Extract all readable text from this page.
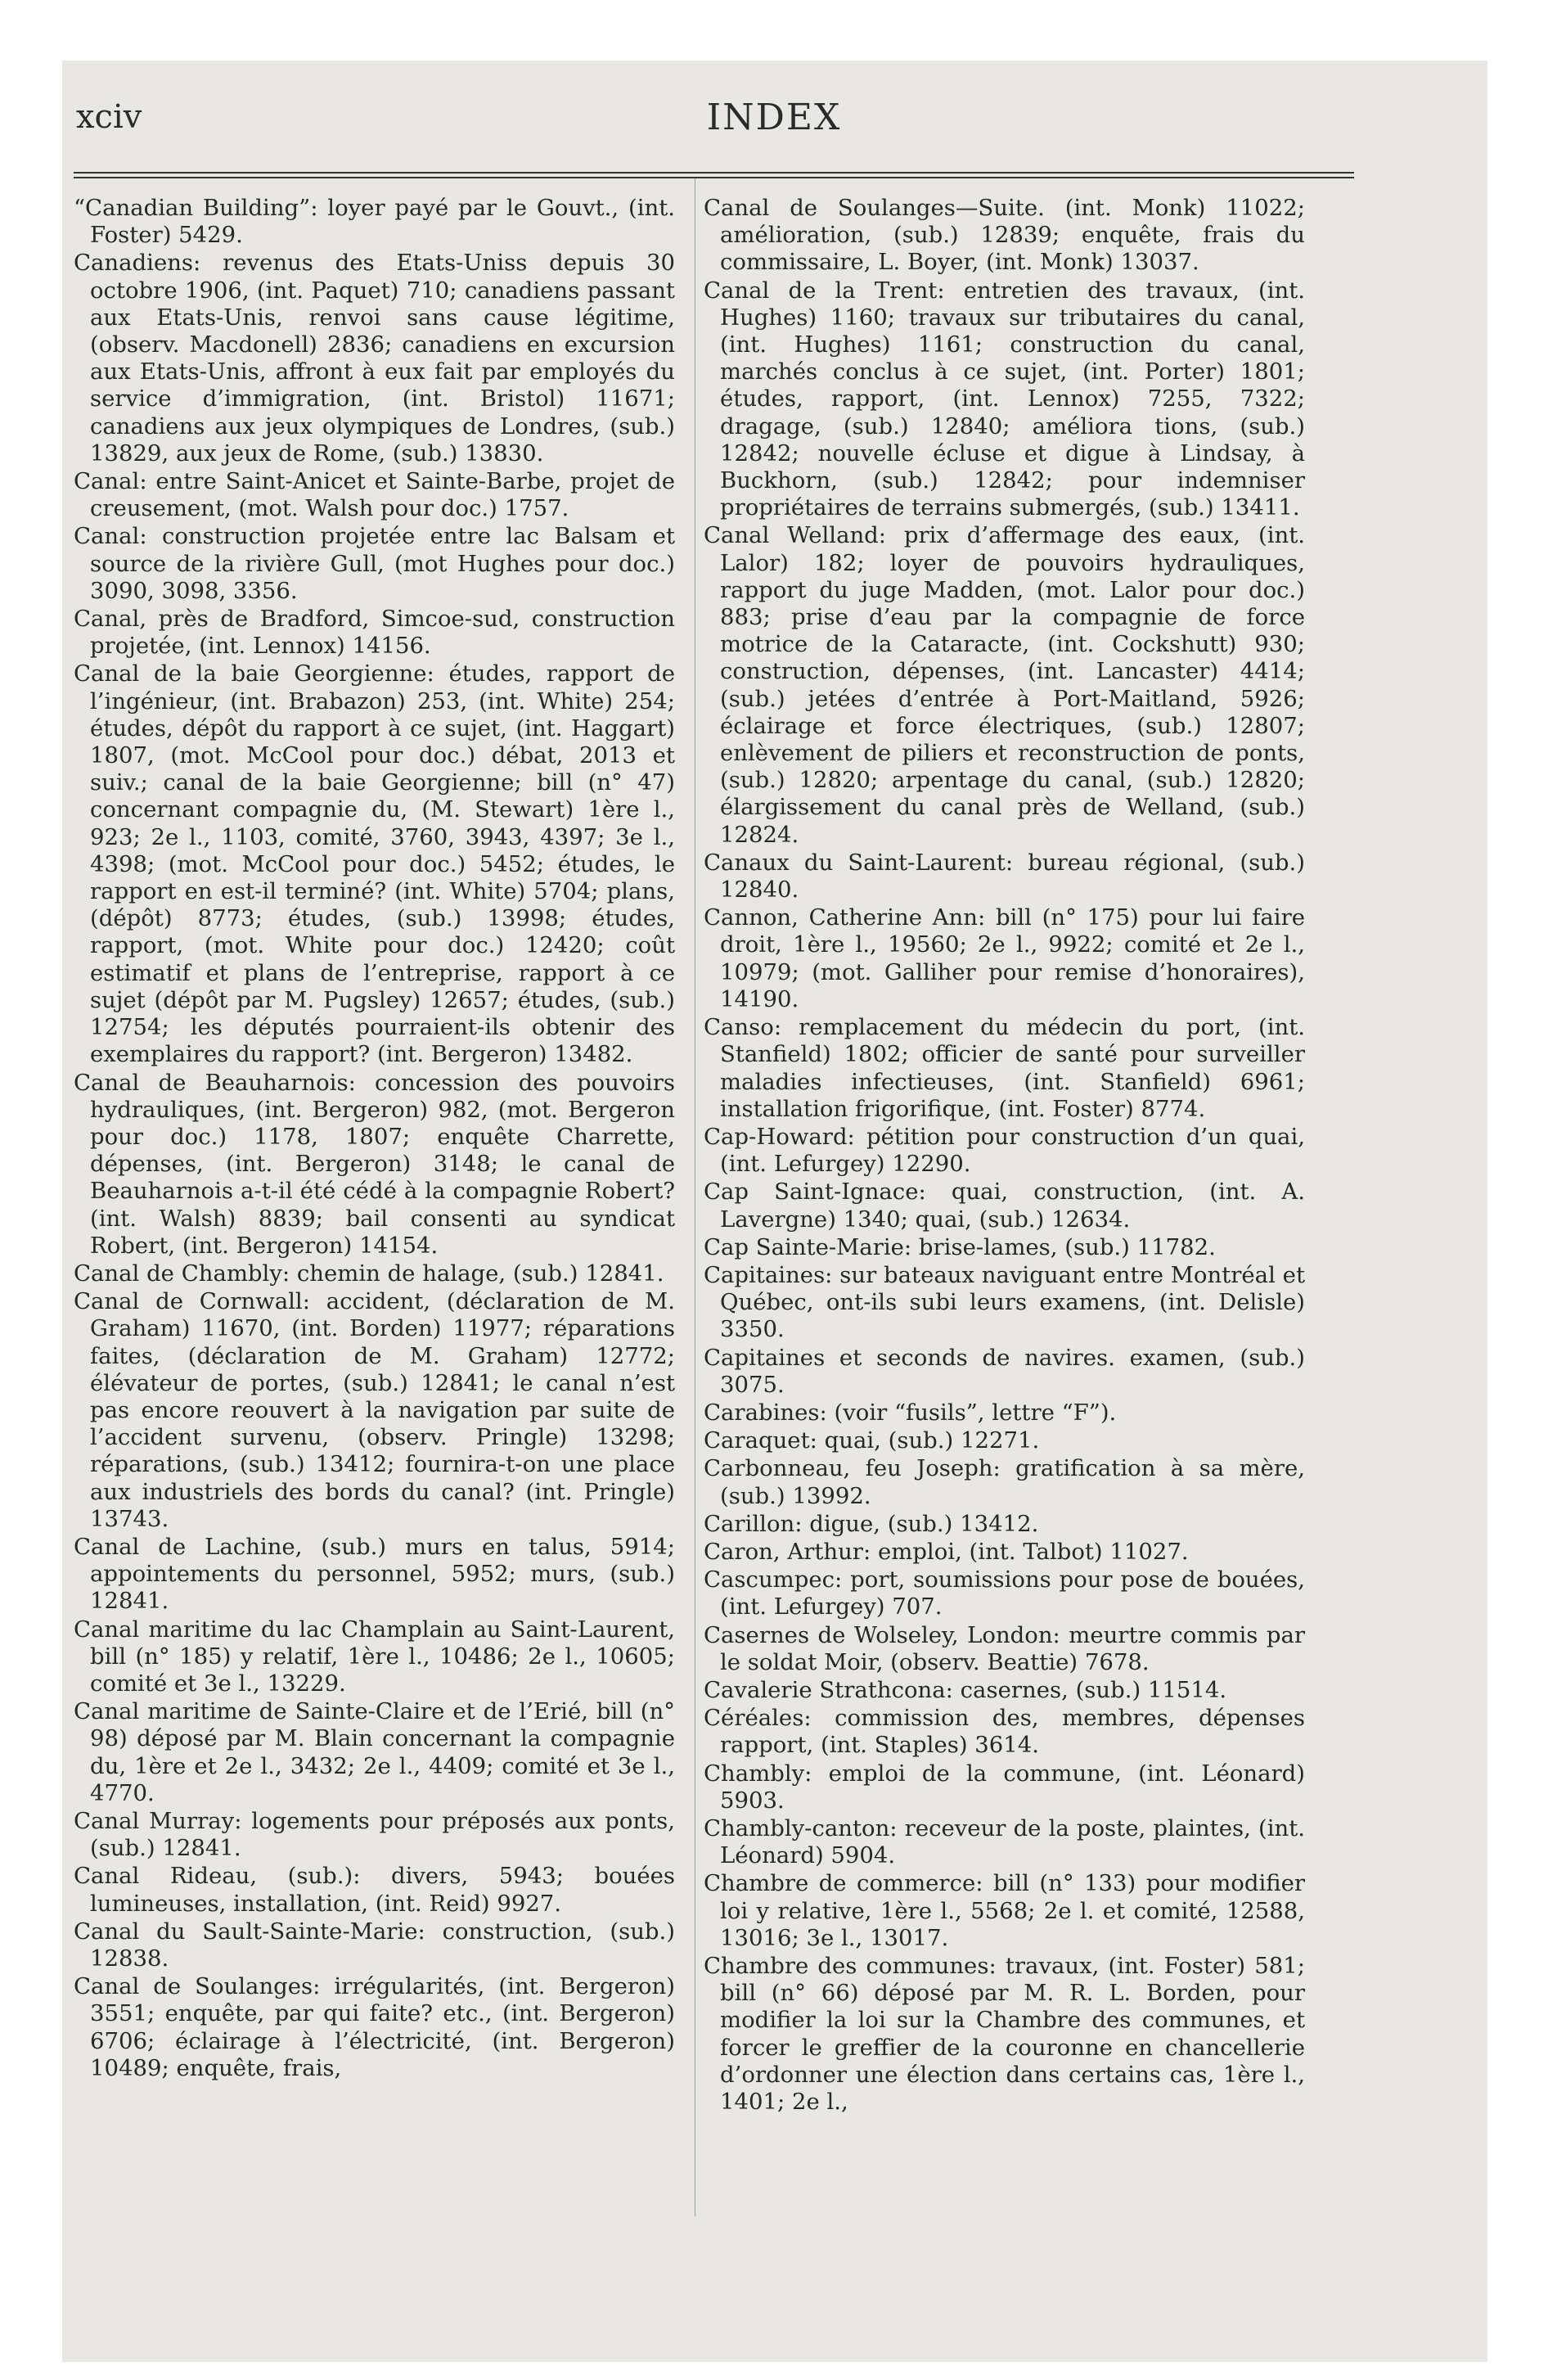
xciv	INDEX

“Canadian Building”: loyer payé par le Gouvt., (int. Foster) 5429.

Canadiens: revenus des Etats-Uniss depuis 30 octobre 1906, (int. Paquet) 710; canadiens passant aux Etats-Unis, renvoi sans cause légitime, (observ. Macdonell) 2836; canadiens en excursion aux Etats-Unis, affront à eux fait par employés du service d’immigration, (int. Bristol) 11671; canadiens aux jeux olympiques de Londres, (sub.) 13829, aux jeux de Rome, (sub.) 13830.

Canal: entre Saint-Anicet et Sainte-Barbe, projet de creusement, (mot. Walsh pour doc.) 1757.

Canal: construction projetée entre lac Balsam et source de la rivière Gull, (mot Hughes pour doc.) 3090, 3098, 3356.

Canal, près de Bradford, Simcoe-sud, construction projetée, (int. Lennox) 14156.

Canal de la baie Georgienne: études, rapport de l’ingénieur, (int. Brabazon) 253, (int. White) 254; études, dépôt du rapport à ce sujet, (int. Haggart) 1807, (mot. McCool pour doc.) débat, 2013 et suiv.; canal de la baie Georgienne; bill (n° 47) concernant compagnie du, (M. Stewart) 1ère l., 923; 2e l., 1103, comité, 3760, 3943, 4397; 3e l., 4398; (mot. McCool pour doc.) 5452; études, le rapport en est-il terminé? (int. White) 5704; plans, (dépôt) 8773; études, (sub.) 13998; études, rapport, (mot. White pour doc.) 12420; coût estimatif et plans de l’entreprise, rapport à ce sujet (dépôt par M. Pugsley) 12657; études, (sub.) 12754; les députés pourraient-ils obtenir des exemplaires du rapport? (int. Bergeron) 13482.

Canal de Beauharnois: concession des pouvoirs hydrauliques, (int. Bergeron) 982, (mot. Bergeron pour doc.) 1178, 1807; enquête Charrette, dépenses, (int. Bergeron) 3148; le canal de Beauharnois a-t-il été cédé à la compagnie Robert? (int. Walsh) 8839; bail consenti au syndicat Robert, (int. Bergeron) 14154.

Canal de Chambly: chemin de halage, (sub.) 12841.

Canal de Cornwall: accident, (déclaration de M. Graham) 11670, (int. Borden) 11977; réparations faites, (déclaration de M. Graham) 12772; élévateur de portes, (sub.) 12841; le canal n’est pas encore reouvert à la navigation par suite de l’accident survenu, (observ. Pringle) 13298; réparations, (sub.) 13412; fournira-t-on une place aux industriels des bords du canal? (int. Pringle) 13743.

Canal de Lachine, (sub.) murs en talus, 5914; appointements du personnel, 5952; murs, (sub.) 12841.

Canal maritime du lac Champlain au Saint-Laurent, bill (n° 185) y relatif, 1ère l., 10486; 2e l., 10605; comité et 3e l., 13229.

Canal maritime de Sainte-Claire et de l’Erié, bill (n° 98) déposé par M. Blain concernant la compagnie du, 1ère et 2e l., 3432; 2e l., 4409; comité et 3e l., 4770.

Canal Murray: logements pour préposés aux ponts, (sub.) 12841.

Canal Rideau, (sub.): divers, 5943; bouées lumineuses, installation, (int. Reid) 9927.

Canal du Sault-Sainte-Marie: construction, (sub.) 12838.

Canal de Soulanges: irrégularités, (int. Bergeron) 3551; enquête, par qui faite? etc., (int. Bergeron) 6706; éclairage à l’électricité, (int. Bergeron) 10489; enquête, frais,

Canal de Soulanges—Suite. (int. Monk) 11022; amélioration, (sub.) 12839; enquête, frais du commissaire, L. Boyer, (int. Monk) 13037.

Canal de la Trent: entretien des travaux, (int. Hughes) 1160; travaux sur tributaires du canal, (int. Hughes) 1161; construction du canal, marchés conclus à ce sujet, (int. Porter) 1801; études, rapport, (int. Lennox) 7255, 7322; dragage, (sub.) 12840; améliora tions, (sub.) 12842; nouvelle écluse et digue à Lindsay, à Buckhorn, (sub.) 12842; pour indemniser propriétaires de terrains submergés, (sub.) 13411.

Canal Welland: prix d’affermage des eaux, (int. Lalor) 182; loyer de pouvoirs hydrauliques, rapport du juge Madden, (mot. Lalor pour doc.) 883; prise d’eau par la compagnie de force motrice de la Cataracte, (int. Cockshutt) 930; construction, dépenses, (int. Lancaster) 4414; (sub.) jetées d’entrée à Port-Maitland, 5926; éclairage et force électriques, (sub.) 12807; enlèvement de piliers et reconstruction de ponts, (sub.) 12820; arpentage du canal, (sub.) 12820; élargissement du canal près de Welland, (sub.) 12824.

Canaux du Saint-Laurent: bureau régional, (sub.) 12840.

Cannon, Catherine Ann: bill (n° 175) pour lui faire droit, 1ère l., 19560; 2e l., 9922; comité et 2e l., 10979; (mot. Galliher pour remise d’honoraires), 14190.

Canso: remplacement du médecin du port, (int. Stanfield) 1802; officier de santé pour surveiller maladies infectieuses, (int. Stanfield) 6961; installation frigorifique, (int. Foster) 8774.

Cap-Howard: pétition pour construction d’un quai, (int. Lefurgey) 12290.

Cap Saint-Ignace: quai, construction, (int. A. Lavergne) 1340; quai, (sub.) 12634.

Cap Sainte-Marie: brise-lames, (sub.) 11782.

Capitaines: sur bateaux naviguant entre Montréal et Québec, ont-ils subi leurs examens, (int. Delisle) 3350.

Capitaines et seconds de navires. examen, (sub.) 3075.

Carabines: (voir “fusils”, lettre “F”).

Caraquet: quai, (sub.) 12271.

Carbonneau, feu Joseph: gratification à sa mère, (sub.) 13992.

Carillon: digue, (sub.) 13412.

Caron, Arthur: emploi, (int. Talbot) 11027.

Cascumpec: port, soumissions pour pose de bouées, (int. Lefurgey) 707.

Casernes de Wolseley, London: meurtre commis par le soldat Moir, (observ. Beattie) 7678.

Cavalerie Strathcona: casernes, (sub.) 11514.

Céréales: commission des, membres, dépenses rapport, (int. Staples) 3614.

Chambly: emploi de la commune, (int. Léonard) 5903.

Chambly-canton: receveur de la poste, plaintes, (int. Léonard) 5904.

Chambre de commerce: bill (n° 133) pour modifier loi y relative, 1ère l., 5568; 2e l. et comité, 12588, 13016; 3e l., 13017.

Chambre des communes: travaux, (int. Foster) 581; bill (n° 66) déposé par M. R. L. Borden, pour modifier la loi sur la Chambre des communes, et forcer le greffier de la couronne en chancellerie d’ordonner une élection dans certains cas, 1ère l., 1401; 2e l.,
